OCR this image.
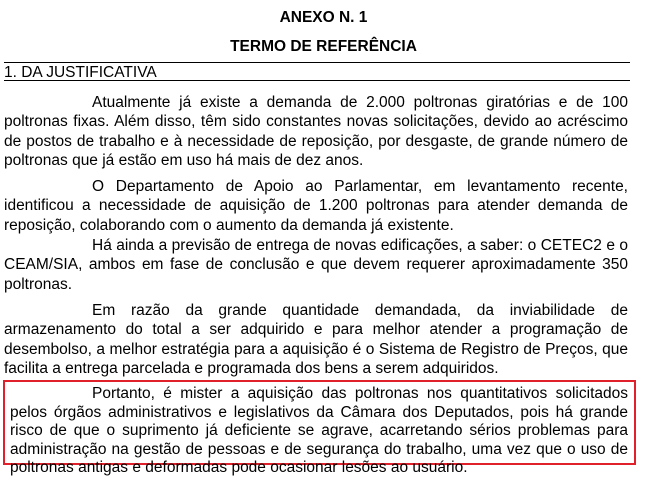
ANEXO N. 1
TERMO DE REFERÊNCIA
1. DA JUSTIFICATIVA

Atualmente já existe a demanda de 2.000 poltronas giratórias e de 100 poltronas fixas. Além disso, têm sido constantes novas solicitações, devido ao acréscimo de postos de trabalho e à necessidade de reposição, por desgaste, de grande número de poltronas que já estão em uso há mais de dez anos.

O Departamento de Apoio ao Parlamentar, em levantamento recente, identificou a necessidade de aquisição de 1.200 poltronas para atender demanda de reposição, colaborando com o aumento da demanda já existente.

Há ainda a previsão de entrega de novas edificações, a saber: o CETEC2 e o CEAM/SIA, ambos em fase de conclusão e que devem requerer aproximadamente 350 poltronas.

Em razão da grande quantidade demandada, da inviabilidade de armazenamento do total a ser adquirido e para melhor atender a programação de desembolso, a melhor estratégia para a aquisição é o Sistema de Registro de Preços, que facilita a entrega parcelada e programada dos bens a serem adquiridos.

Portanto, é mister a aquisição das poltronas nos quantitativos solicitados pelos órgãos administrativos e legislativos da Câmara dos Deputados, pois há grande risco de que o suprimento já deficiente se agrave, acarretando sérios problemas para administração na gestão de pessoas e de segurança do trabalho, uma vez que o uso de poltronas antigas e deformadas pode ocasionar lesões ao usuário.
